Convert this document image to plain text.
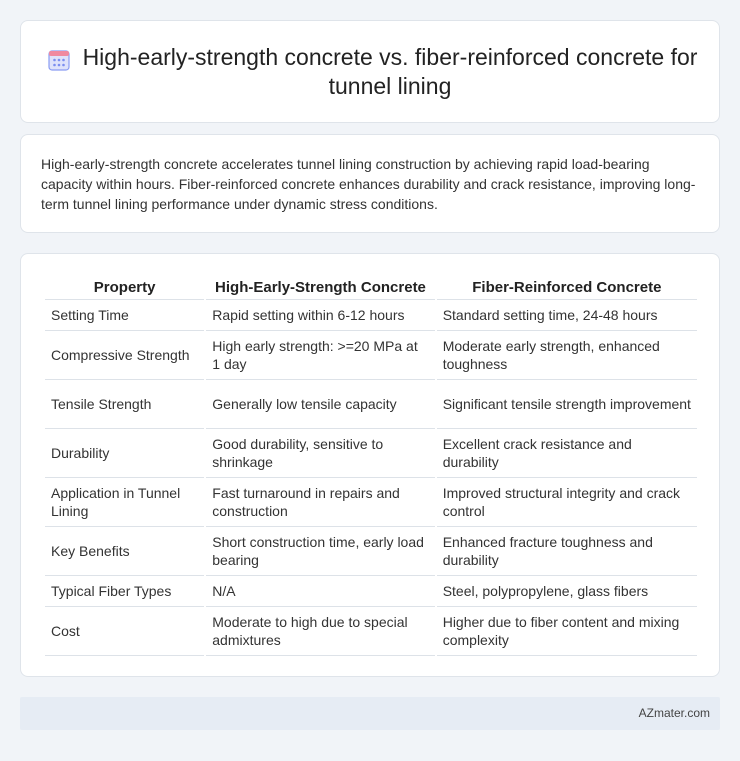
High-early-strength concrete vs. fiber-reinforced concrete for tunnel lining

High-early-strength concrete accelerates tunnel lining construction by achieving rapid load-bearing capacity within hours. Fiber-reinforced concrete enhances durability and crack resistance, improving long-term tunnel lining performance under dynamic stress conditions.

Property	High-Early-Strength Concrete	Fiber-Reinforced Concrete
Setting Time	Rapid setting within 6-12 hours	Standard setting time, 24-48 hours
Compressive Strength	High early strength: >=20 MPa at 1 day	Moderate early strength, enhanced toughness
Tensile Strength	Generally low tensile capacity	Significant tensile strength improvement
Durability	Good durability, sensitive to shrinkage	Excellent crack resistance and durability
Application in Tunnel Lining	Fast turnaround in repairs and construction	Improved structural integrity and crack control
Key Benefits	Short construction time, early load bearing	Enhanced fracture toughness and durability
Typical Fiber Types	N/A	Steel, polypropylene, glass fibers
Cost	Moderate to high due to special admixtures	Higher due to fiber content and mixing complexity
AZmater.com
